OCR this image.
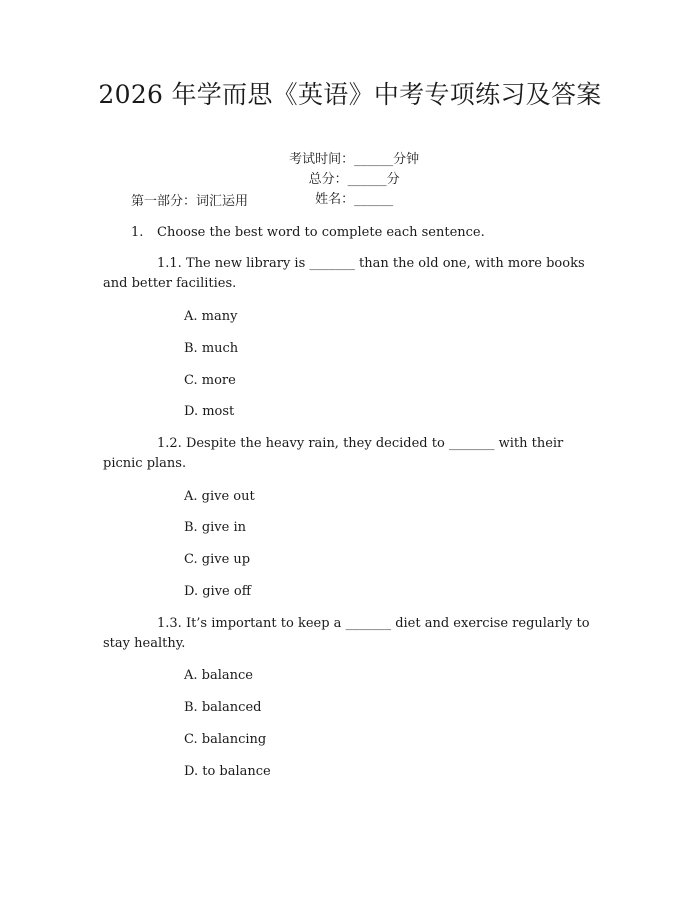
2026 年学而思《英语》中考专项练习及答案

考试时间：______分钟
总分：______分
姓名：______

第一部分：词汇运用
1. Choose the best word to complete each sentence.
1.1. The new library is _______ than the old one, with more books and better facilities.
A. many
B. much
C. more
D. most
1.2. Despite the heavy rain, they decided to _______ with their picnic plans.
A. give out
B. give in
C. give up
D. give off
1.3. It’s important to keep a _______ diet and exercise regularly to stay healthy.
A. balance
B. balanced
C. balancing
D. to balance
